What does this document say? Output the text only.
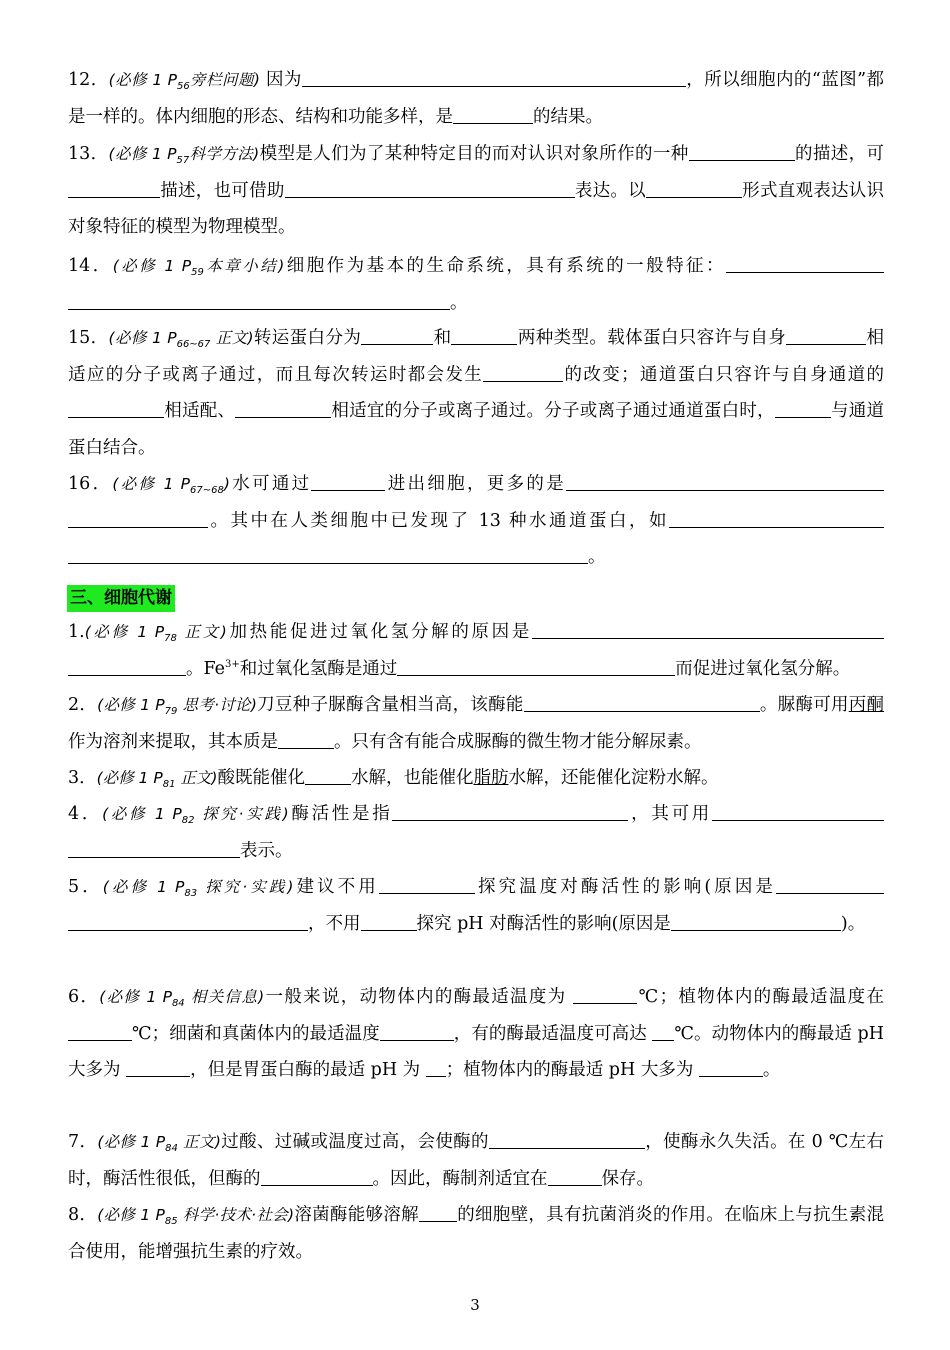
12．(必修 1 $P_{56}$旁栏问题) 因为	，所以细胞内的“蓝图”都是一样的。体内细胞的形态、结构和功能多样，是	的结果。
13．(必修 1 $P_{57}$科学方法)模型是人们为了某种特定目的而对认识对象所作的一种	的描述，可描述，也可借助	表达。以	形式直观表达认识对象特征的模型为物理模型。
14．(必修 1 $P_{59}$本章小结)细胞作为基本的生命系统，具有系统的一般特征：。
15．(必修 1 $P_{66\sim 67}$ 正文)转运蛋白分为	和	两种类型。载体蛋白只容许与自身	相适应的分子或离子通过，而且每次转运时都会发生	的改变；通道蛋白只容许与自身通道的相适配、	相适宜的分子或离子通过。分子或离子通过通道蛋白时，	与通道蛋白结合。
16．(必修 1 $P_{67\sim 68}$)水可通过	进出细胞，更多的是。其中在人类细胞中已发现了 13 种水通道蛋白，如。
三、细胞代谢
1.(必修 1 $P_{78}$ 正文)加热能促进过氧化氢分解的原因是。$Fe^{3+}$和过氧化氢酶是通过	而促进过氧化氢分解。
2．(必修 1 $P_{79}$ 思考·讨论)刀豆种子脲酶含量相当高，该酶能	。脲酶可用丙酮作为溶剂来提取，其本质是	。只有含有能合成脲酶的微生物才能分解尿素。
3．(必修 1 $P_{81}$ 正文)酸既能催化	水解，也能催化脂肪水解，还能催化淀粉水解。
4．(必修 1 $P_{82}$ 探究·实践)酶活性是指	，其可用表示。
5．(必修 1 $P_{83}$ 探究·实践)建议不用	探究温度对酶活性的影响(原因是，不用	探究 pH 对酶活性的影响(原因是	)。
6．(必修 1 $P_{84}$ 相关信息)一般来说，动物体内的酶最适温度为	℃；植物体内的酶最适温度在 ℃；细菌和真菌体内的最适温度	，有的酶最适温度可高达 ℃。动物体内的酶最适 pH 大多为	，但是胃蛋白酶的最适 pH 为 ；植物体内的酶最适 pH 大多为	。
7．(必修 1 $P_{84}$ 正文)过酸、过碱或温度过高，会使酶的	，使酶永久失活。在 0 ℃左右时，酶活性很低，但酶的	。因此，酶制剂适宜在	保存。
8．(必修 1 $P_{85}$ 科学·技术·社会)溶菌酶能够溶解 的细胞壁，具有抗菌消炎的作用。在临床上与抗生素混合使用，能增强抗生素的疗效。
3
